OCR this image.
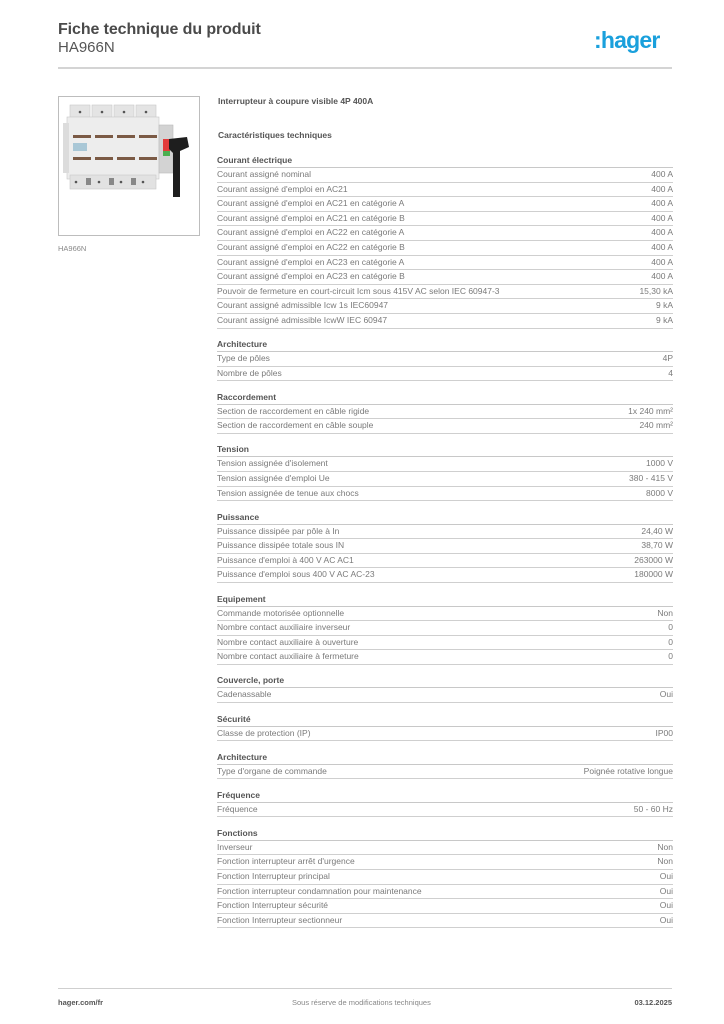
Fiche technique du produit
HA966N	:hager
HA966N
Interrupteur à coupure visible 4P 400A
Caractéristiques techniques
Courant électrique
Courant assigné nominal	400 A
Courant assigné d'emploi en AC21	400 A
Courant assigné d'emploi en AC21 en catégorie A	400 A
Courant assigné d'emploi en AC21 en catégorie B	400 A
Courant assigné d'emploi en AC22 en catégorie A	400 A
Courant assigné d'emploi en AC22 en catégorie B	400 A
Courant assigné d'emploi en AC23 en catégorie A	400 A
Courant assigné d'emploi en AC23 en catégorie B	400 A
Pouvoir de fermeture en court-circuit Icm sous 415V AC selon IEC 60947-3	15,30 kA
Courant assigné admissible Icw 1s IEC60947	9 kA
Courant assigné admissible IcwW IEC 60947	9 kA
Architecture
Type de pôles	4P
Nombre de pôles	4
Raccordement
Section de raccordement en câble rigide	1x 240 mm²
Section de raccordement en câble souple	240 mm²
Tension
Tension assignée d'isolement	1000 V
Tension assignée d'emploi Ue	380 - 415 V
Tension assignée de tenue aux chocs	8000 V
Puissance
Puissance dissipée par pôle à In	24,40 W
Puissance dissipée totale sous IN	38,70 W
Puissance d'emploi à 400 V AC AC1	263000 W
Puissance d'emploi sous 400 V AC AC-23	180000 W
Equipement
Commande motorisée optionnelle	Non
Nombre contact auxiliaire inverseur	0
Nombre contact auxiliaire à ouverture	0
Nombre contact auxiliaire à fermeture	0
Couvercle, porte
Cadenassable	Oui
Sécurité
Classe de protection (IP)	IP00
Architecture
Type d'organe de commande	Poignée rotative longue
Fréquence
Fréquence	50 - 60 Hz
Fonctions
Inverseur	Non
Fonction interrupteur arrêt d'urgence	Non
Fonction Interrupteur principal	Oui
Fonction interrupteur condamnation pour maintenance	Oui
Fonction Interrupteur sécurité	Oui
Fonction Interrupteur sectionneur	Oui
hager.com/fr	Sous réserve de modifications techniques	03.12.2025
